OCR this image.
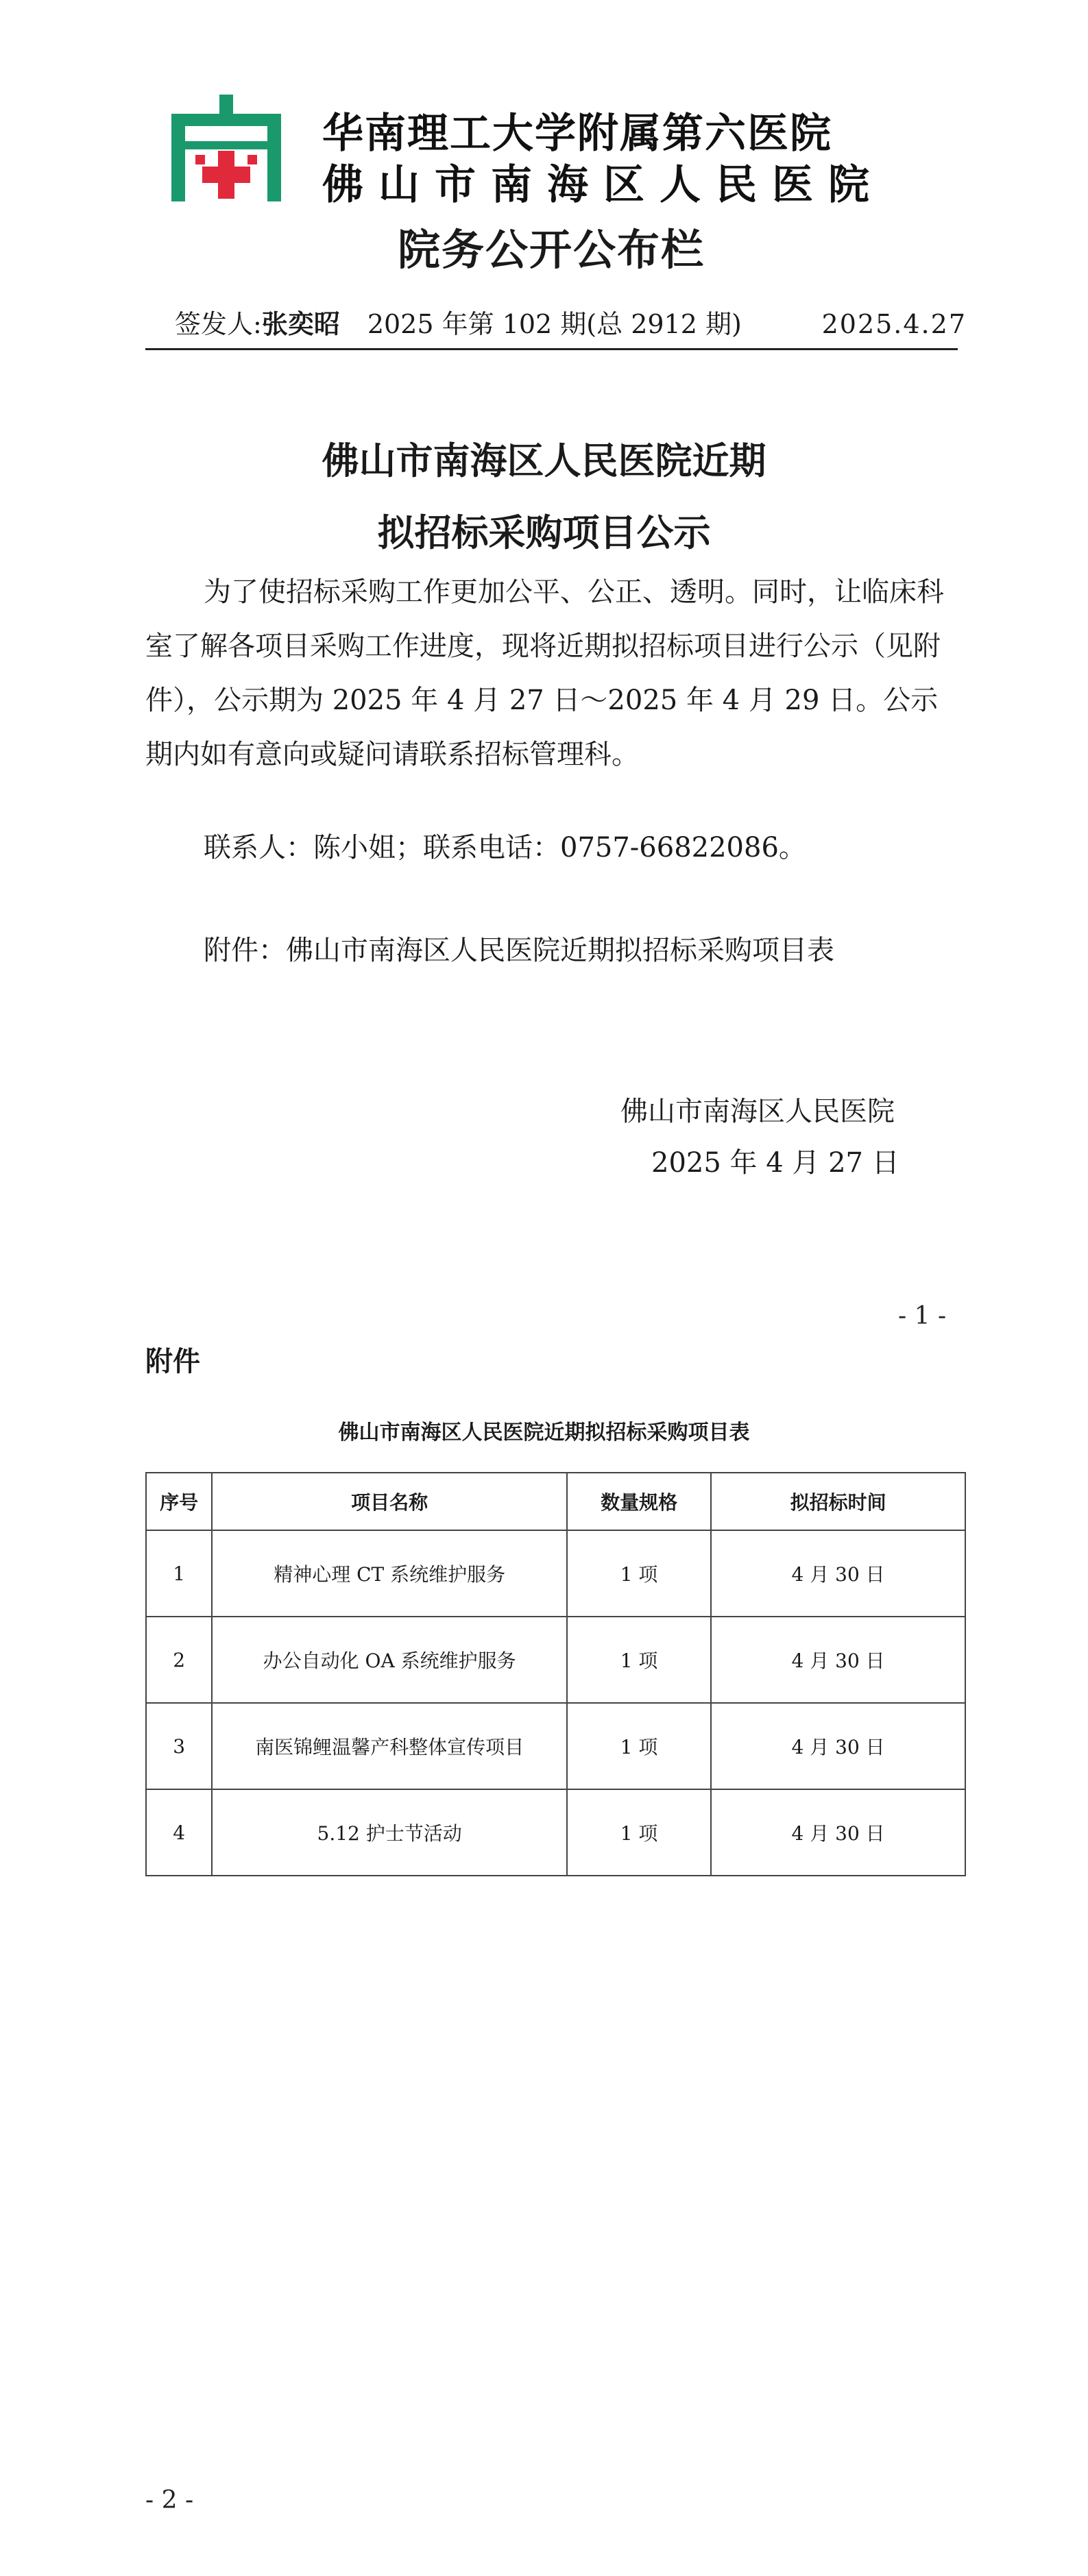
华南理工大学附属第六医院
佛山市南海区人民医院
院务公开公布栏
签发人: 张奕昭 2025 年第 102 期(总 2912 期)	2025.4.27
佛山市南海区人民医院近期
拟招标采购项目公示
为了使招标采购工作更加公平、公正、透明。同时，让临床科室了解各项目采购工作进度，现将近期拟招标项目进行公示（见附件），公示期为 2025 年 4 月 27 日～2025 年 4 月 29 日。公示期内如有意向或疑问请联系招标管理科。
联系人：陈小姐；联系电话：0757-66822086。
附件：佛山市南海区人民医院近期拟招标采购项目表
佛山市南海区人民医院
2025 年 4 月 27 日
- 1 -
附件
佛山市南海区人民医院近期拟招标采购项目表
序号	项目名称	数量规格	拟招标时间
1	精神心理 CT 系统维护服务	1 项	4 月 30 日
2	办公自动化 OA 系统维护服务	1 项	4 月 30 日
3	南医锦鲤温馨产科整体宣传项目	1 项	4 月 30 日
4	5.12 护士节活动	1 项	4 月 30 日
- 2 -
